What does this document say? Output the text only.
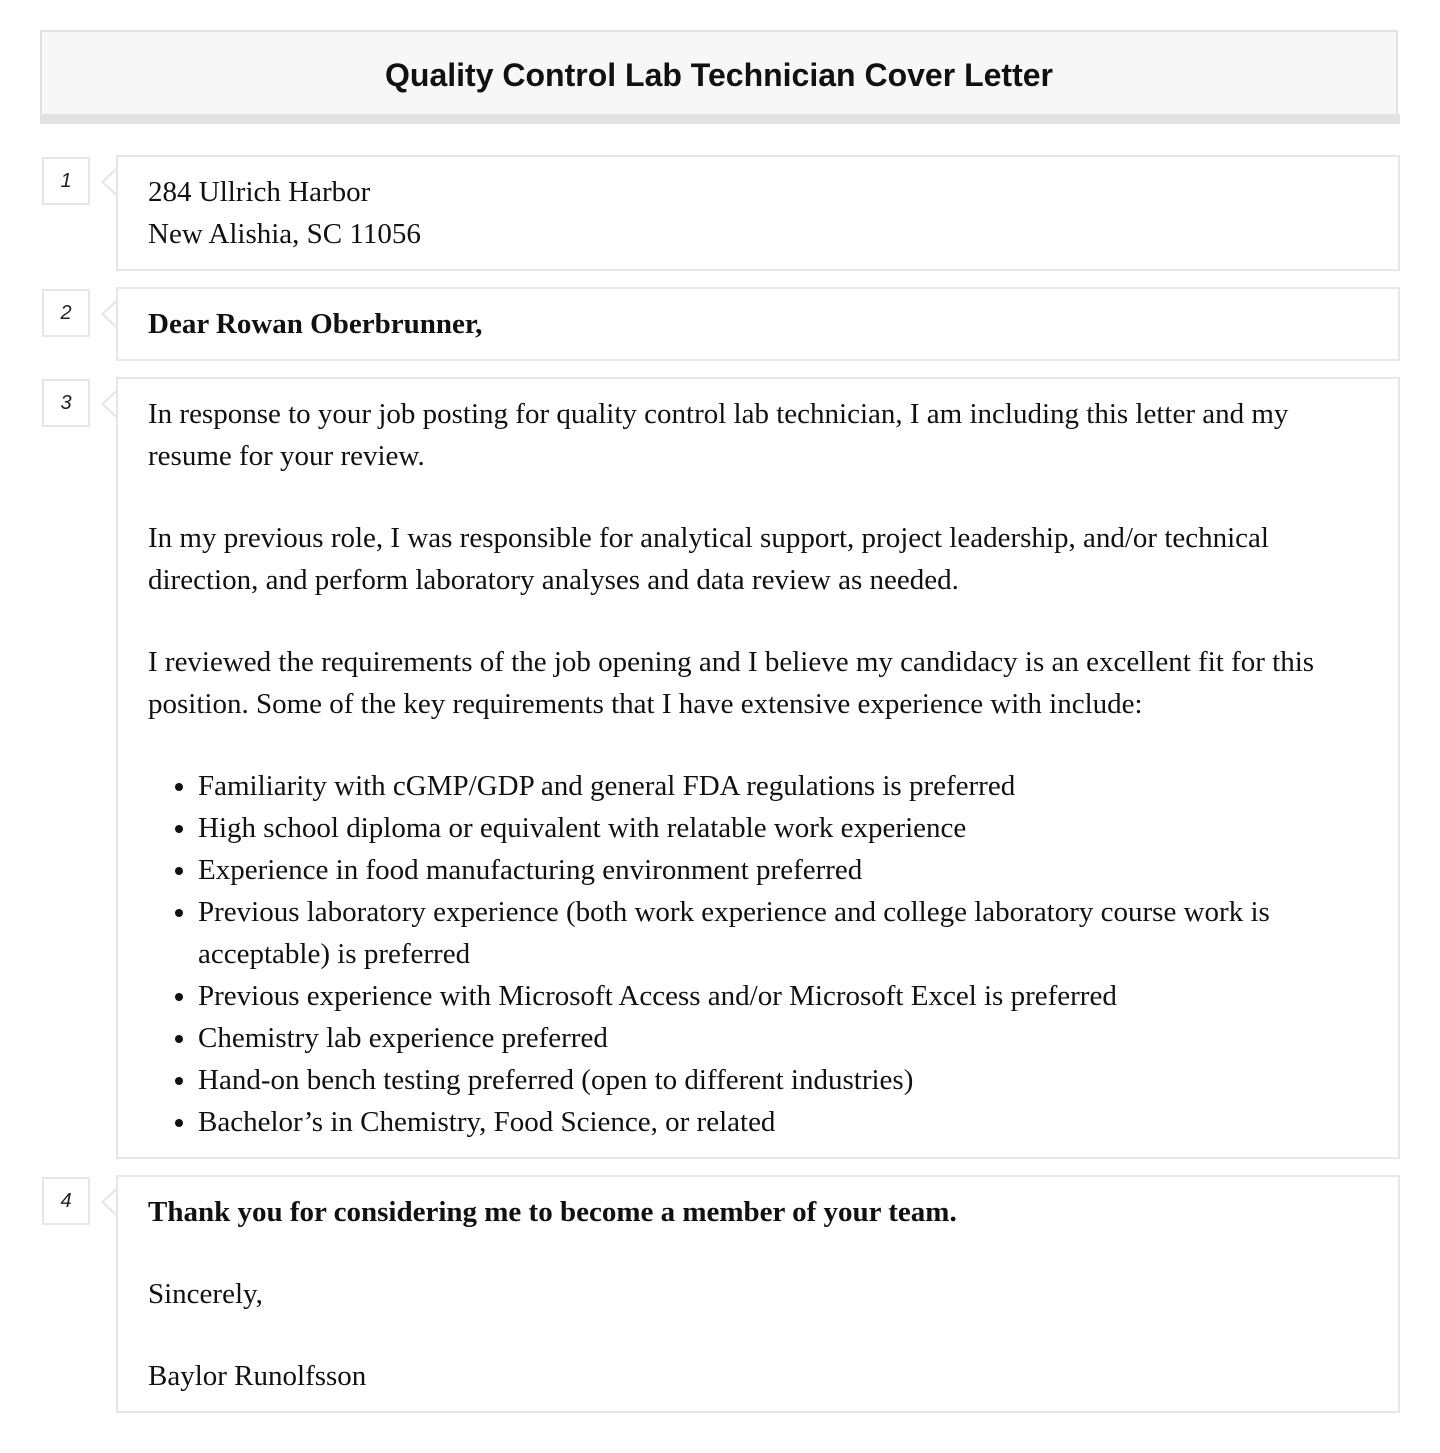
Quality Control Lab Technician Cover Letter
1	284 Ullrich Harbor
New Alishia, SC 11056
2	Dear Rowan Oberbrunner,

3	In response to your job posting for quality control lab technician, I am including this letter and my resume for your review.

In my previous role, I was responsible for analytical support, project leadership, and/or technical direction, and perform laboratory analyses and data review as needed.

I reviewed the requirements of the job opening and I believe my candidacy is an excellent fit for this position. Some of the key requirements that I have extensive experience with include:

• Familiarity with cGMP/GDP and general FDA regulations is preferred
• High school diploma or equivalent with relatable work experience
• Experience in food manufacturing environment preferred
• Previous laboratory experience (both work experience and college laboratory course work is acceptable) is preferred
• Previous experience with Microsoft Access and/or Microsoft Excel is preferred
• Chemistry lab experience preferred
• Hand-on bench testing preferred (open to different industries)
• Bachelor’s in Chemistry, Food Science, or related
4	Thank you for considering me to become a member of your team.

Sincerely,

Baylor Runolfsson
